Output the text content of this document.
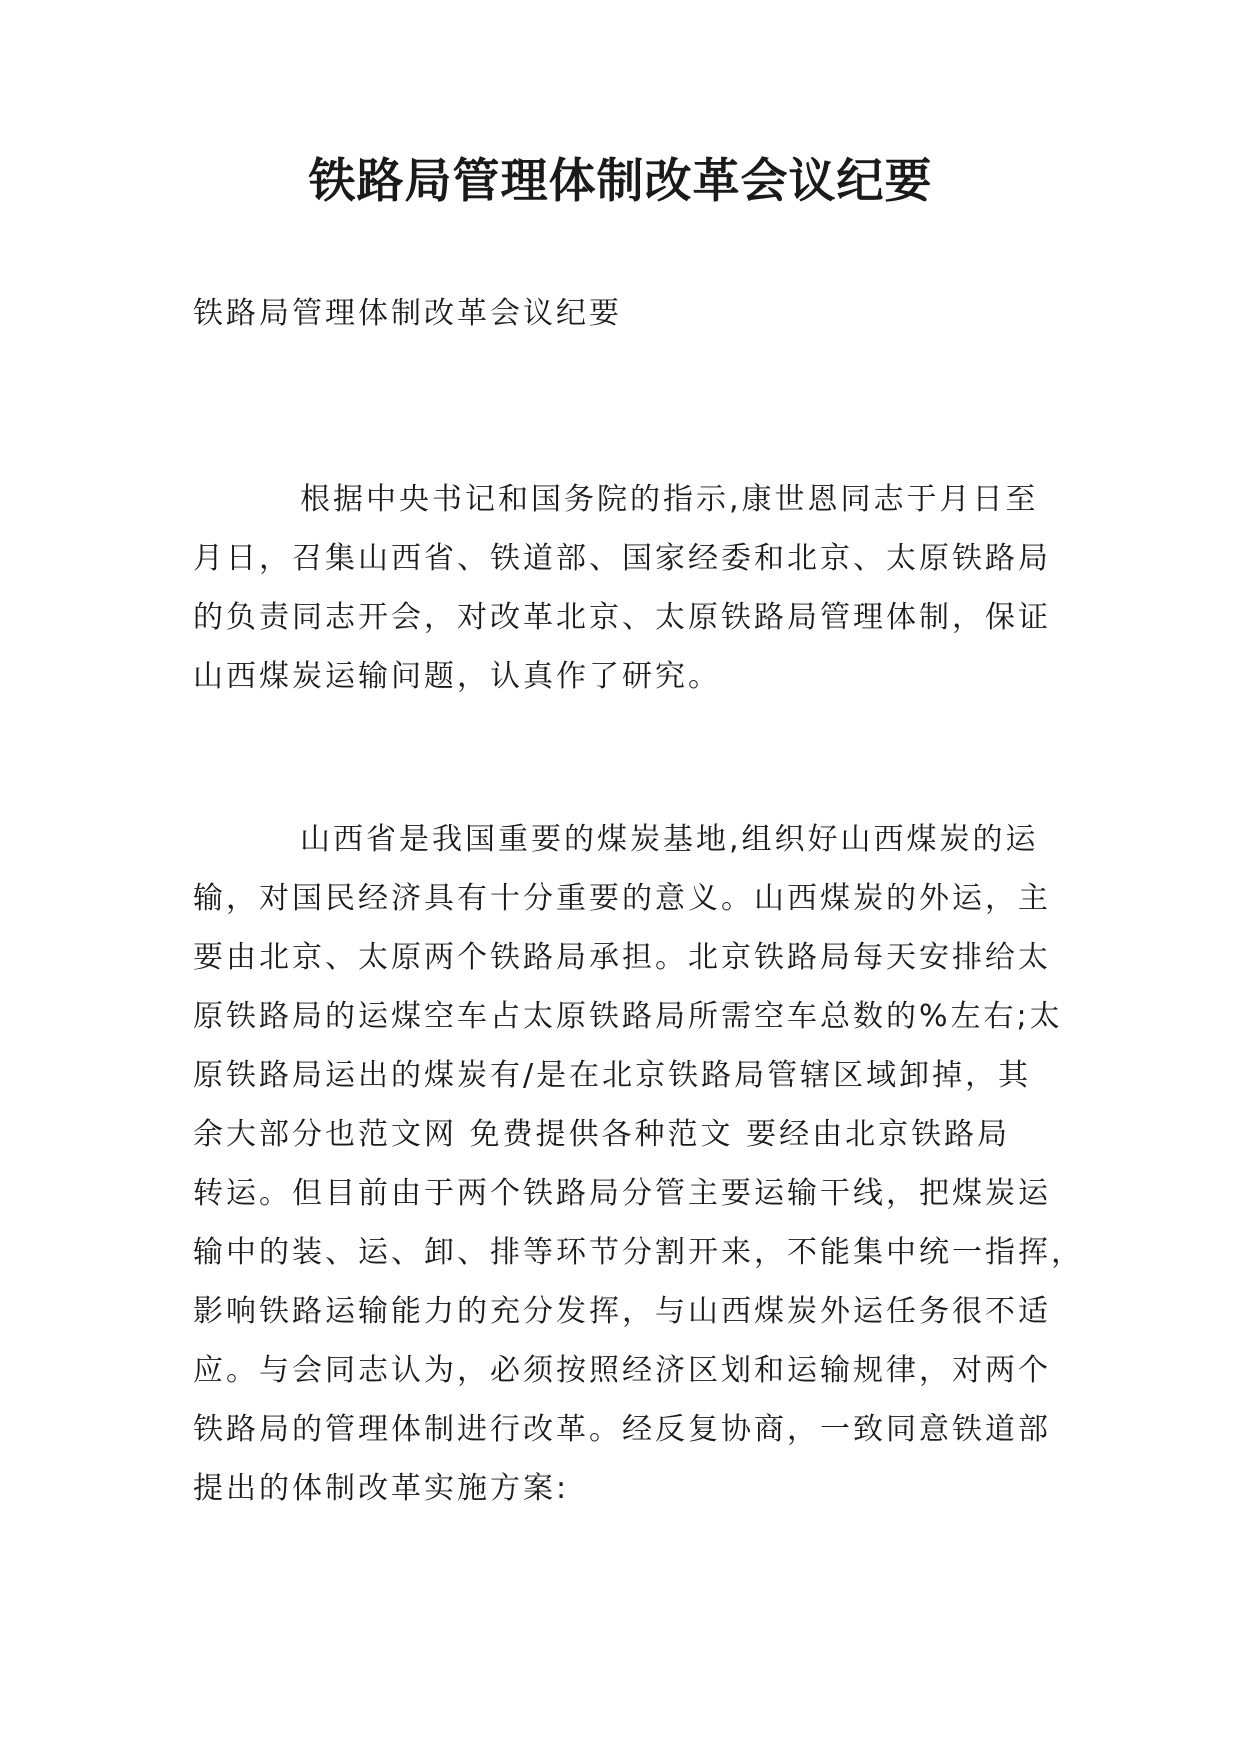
铁路局管理体制改革会议纪要

铁路局管理体制改革会议纪要

根据中央书记和国务院的指示,康世恩同志于月日至
月日，召集山西省、铁道部、国家经委和北京、太原铁路局
的负责同志开会，对改革北京、太原铁路局管理体制，保证
山西煤炭运输问题，认真作了研究。
山西省是我国重要的煤炭基地,组织好山西煤炭的运
输，对国民经济具有十分重要的意义。山西煤炭的外运，主
要由北京、太原两个铁路局承担。北京铁路局每天安排给太
原铁路局的运煤空车占太原铁路局所需空车总数的%左右;太
原铁路局运出的煤炭有/是在北京铁路局管辖区域卸掉，其
余大部分也范文网 免费提供各种范文 要经由北京铁路局
转运。但目前由于两个铁路局分管主要运输干线，把煤炭运
输中的装、运、卸、排等环节分割开来，不能集中统一指挥，
影响铁路运输能力的充分发挥，与山西煤炭外运任务很不适
应。与会同志认为，必须按照经济区划和运输规律，对两个
铁路局的管理体制进行改革。经反复协商，一致同意铁道部
提出的体制改革实施方案:
